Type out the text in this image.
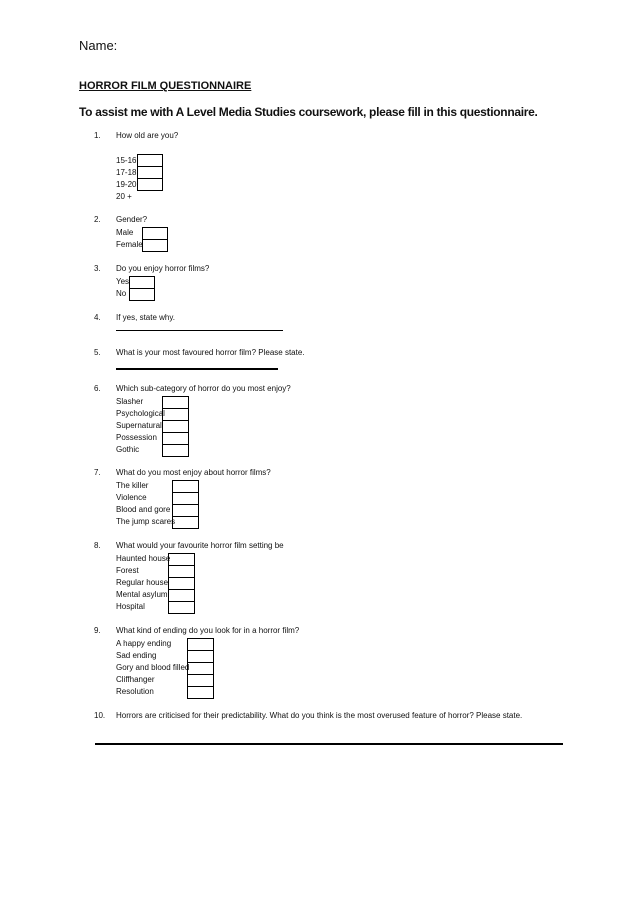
Name:
HORROR FILM QUESTIONNAIRE
To assist me with A Level Media Studies coursework, please fill in this questionnaire.
1. How old are you?
15-16
17-18
19-20
20 +
2. Gender?
Male
Female
3. Do you enjoy horror films?
Yes
No
4. If yes, state why.
5. What is your most favoured horror film? Please state.
6. Which sub-category of horror do you most enjoy?
Slasher
Psychological
Supernatural
Possession
Gothic
7. What do you most enjoy about horror films?
The killer
Violence
Blood and gore
The jump scares
8. What would your favourite horror film setting be
Haunted house
Forest
Regular house
Mental asylum
Hospital
9. What kind of ending do you look for in a horror film?
A happy ending
Sad ending
Gory and blood filled
Cliffhanger
Resolution
10. Horrors are criticised for their predictability. What do you think is the most overused feature of horror? Please state.
